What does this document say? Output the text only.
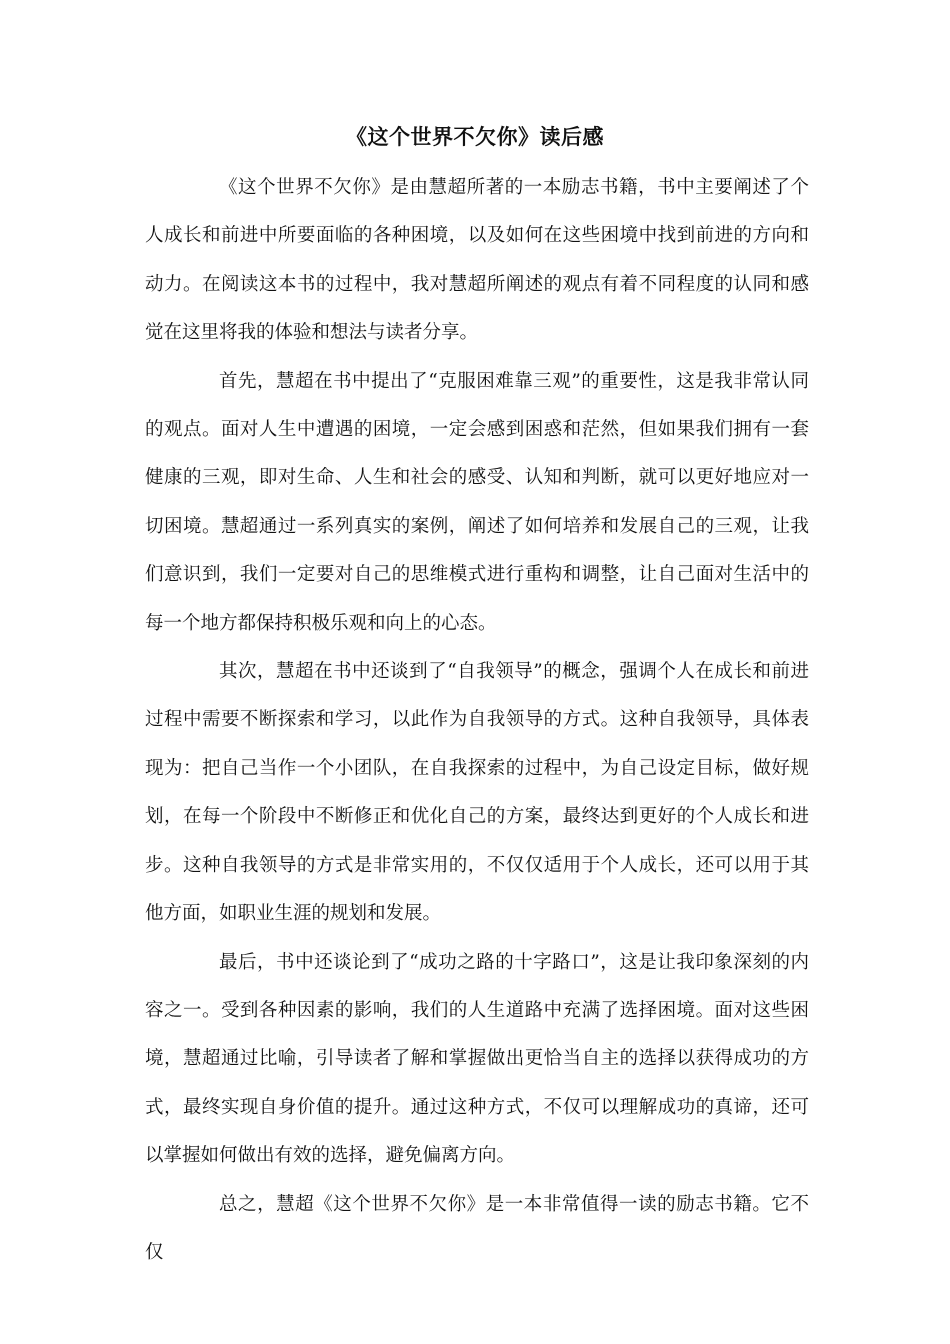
《这个世界不欠你》读后感

《这个世界不欠你》是由慧超所著的一本励志书籍，书中主要阐述了个人成长和前进中所要面临的各种困境，以及如何在这些困境中找到前进的方向和动力。在阅读这本书的过程中，我对慧超所阐述的观点有着不同程度的认同和感觉在这里将我的体验和想法与读者分享。

首先，慧超在书中提出了“克服困难靠三观”的重要性，这是我非常认同的观点。面对人生中遭遇的困境，一定会感到困惑和茫然，但如果我们拥有一套健康的三观，即对生命、人生和社会的感受、认知和判断，就可以更好地应对一切困境。慧超通过一系列真实的案例，阐述了如何培养和发展自己的三观，让我们意识到，我们一定要对自己的思维模式进行重构和调整，让自己面对生活中的每一个地方都保持积极乐观和向上的心态。

其次，慧超在书中还谈到了“自我领导”的概念，强调个人在成长和前进过程中需要不断探索和学习，以此作为自我领导的方式。这种自我领导，具体表现为：把自己当作一个小团队，在自我探索的过程中，为自己设定目标，做好规划，在每一个阶段中不断修正和优化自己的方案，最终达到更好的个人成长和进步。这种自我领导的方式是非常实用的，不仅仅适用于个人成长，还可以用于其他方面，如职业生涯的规划和发展。

最后，书中还谈论到了“成功之路的十字路口”，这是让我印象深刻的内容之一。受到各种因素的影响，我们的人生道路中充满了选择困境。面对这些困境，慧超通过比喻，引导读者了解和掌握做出更恰当自主的选择以获得成功的方式，最终实现自身价值的提升。通过这种方式，不仅可以理解成功的真谛，还可以掌握如何做出有效的选择，避免偏离方向。

总之，慧超《这个世界不欠你》是一本非常值得一读的励志书籍。它不仅
